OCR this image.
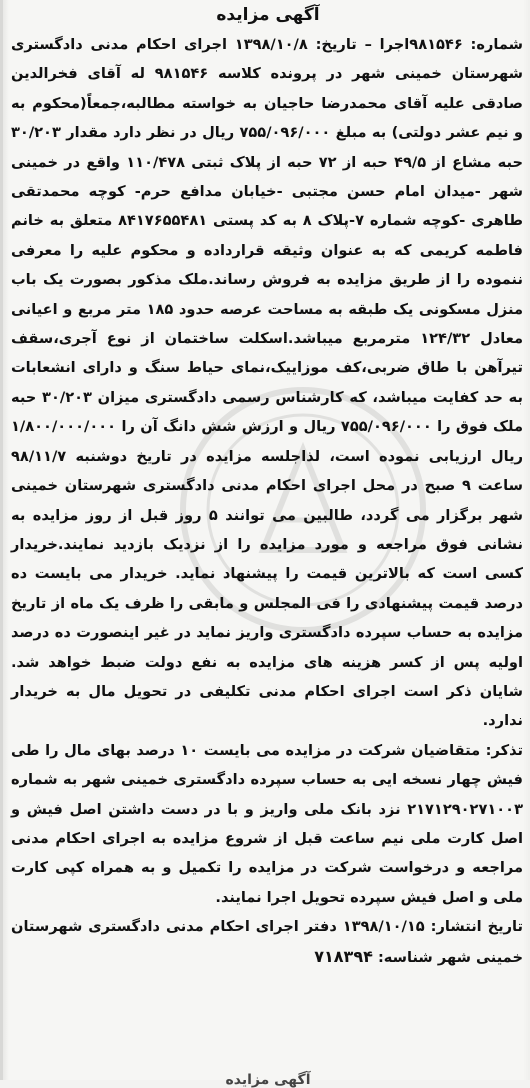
آگهی مزایده

شماره: ۹۸۱۵۴۶اجرا – تاریخ: ۱۳۹۸/۱۰/۸ اجرای احکام مدنی دادگستری شهرستان خمینی شهر در پرونده کلاسه ۹۸۱۵۴۶ له آقای فخرالدین صادقی علیه آقای محمدرضا حاجیان به خواسته مطالبه،جمعاً(محکوم به و نیم عشر دولتی) به مبلغ ۷۵۵/۰۹۶/۰۰۰ ریال در نظر دارد مقدار ۳۰/۲۰۳ حبه مشاع از ۴۹/۵ حبه از ۷۲ حبه از پلاک ثبتی ۱۱۰/۴۷۸ واقع در خمینی شهر -میدان امام حسن مجتبی -خیابان مدافع حرم- کوچه محمدتقی طاهری -کوچه شماره ۷-پلاک ۸ به کد پستی ۸۴۱۷۶۵۵۴۸۱ متعلق به خانم فاطمه کریمی که به عنوان وثیقه قرارداده و محکوم علیه را معرفی ننموده را از طریق مزایده به فروش رساند.ملک مذکور بصورت یک باب منزل مسکونی یک طبقه به مساحت عرصه حدود ۱۸۵ متر مربع و اعیانی معادل ۱۲۴/۳۲ مترمربع میباشد.اسکلت ساختمان از نوع آجری،سقف تیرآهن با طاق ضربی،کف موزاییک،نمای حیاط سنگ و دارای انشعابات به حد کفایت میباشد، که کارشناس رسمی دادگستری میزان ۳۰/۲۰۳ حبه ملک فوق را ۷۵۵/۰۹۶/۰۰۰ ریال و ارزش شش دانگ آن را ۱/۸۰۰/۰۰۰/۰۰۰ ریال ارزیابی نموده است، لذاجلسه مزایده در تاریخ دوشنبه ۹۸/۱۱/۷ ساعت ۹ صبح در محل اجرای احکام مدنی دادگستری شهرستان خمینی شهر برگزار می گردد، طالبین می توانند ۵ روز قبل از روز مزایده به نشانی فوق مراجعه و مورد مزایده را از نزدیک بازدید نمایند.خریدار کسی است که بالاترین قیمت را پیشنهاد نماید. خریدار می بایست ده درصد قیمت پیشنهادی را فی المجلس و مابقی را ظرف یک ماه از تاریخ مزایده به حساب سپرده دادگستری واریز نماید در غیر اینصورت ده درصد اولیه پس از کسر هزینه های مزایده به نفع دولت ضبط خواهد شد. شایان ذکر است اجرای احکام مدنی تکلیفی در تحویل مال به خریدار ندارد.

تذکر: متقاضیان شرکت در مزایده می بایست ۱۰ درصد بهای مال را طی فیش چهار نسخه ایی به حساب سپرده دادگستری خمینی شهر به شماره ۲۱۷۱۲۹۰۲۷۱۰۰۳ نزد بانک ملی واریز و با در دست داشتن اصل فیش و اصل کارت ملی نیم ساعت قبل از شروع مزایده به اجرای احکام مدنی مراجعه و درخواست شرکت در مزایده را تکمیل و به همراه کپی کارت ملی و اصل فیش سپرده تحویل اجرا نمایند.

تاریخ انتشار: ۱۳۹۸/۱۰/۱۵ دفتر اجرای احکام مدنی دادگستری شهرستان خمینی شهر شناسه: ۷۱۸۳۹۴

آگهی مزایده
